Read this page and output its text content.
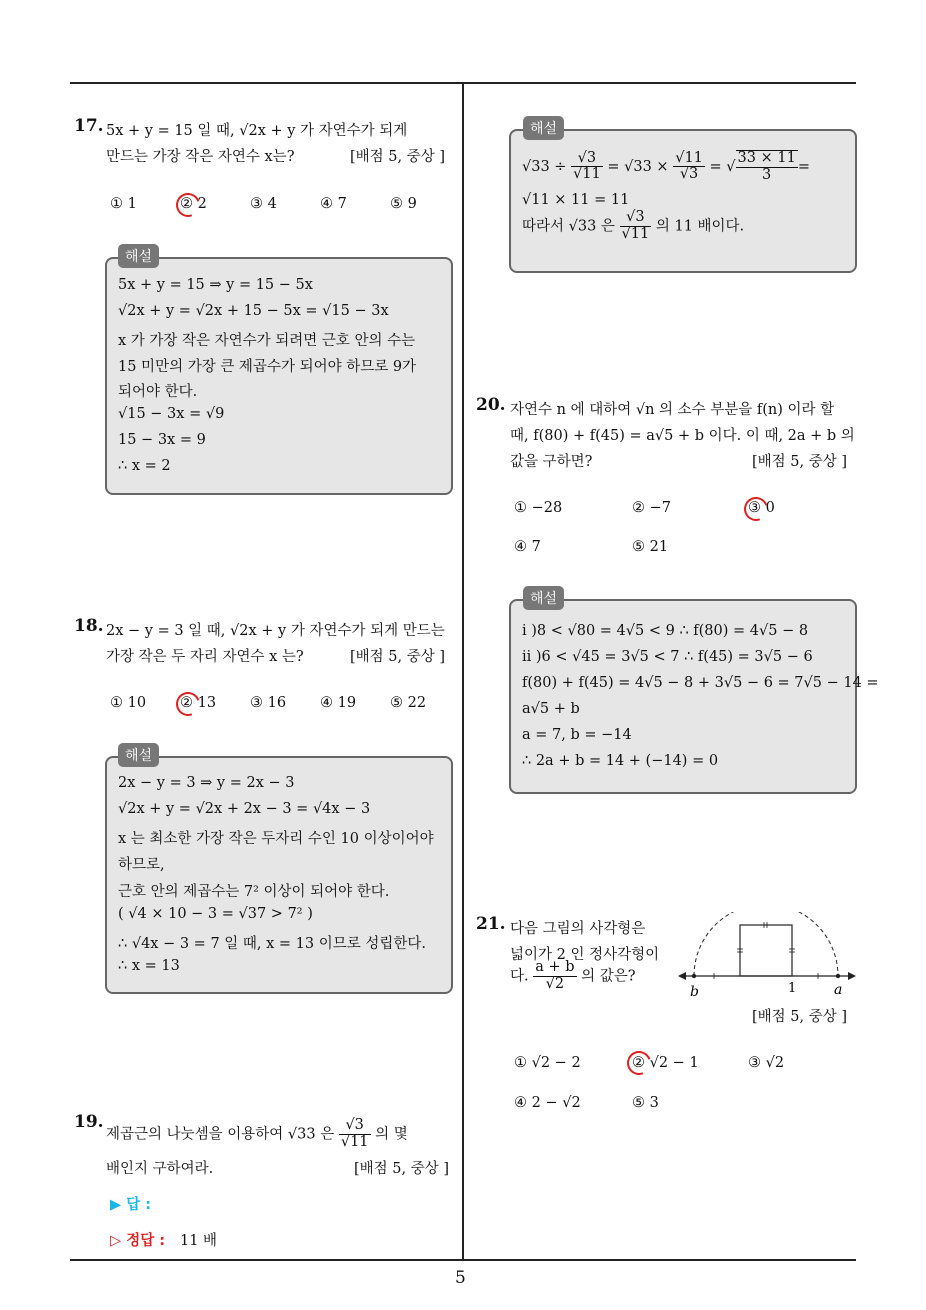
5
17. 5x + y = 15 일 때, √2x + y 가 자연수가 되게
만드는 가장 작은 자연수 x는?	[배점 5, 중상 ]
① 1	② 2	③ 4	④ 7	⑤ 9
해설
5x + y = 15 ⇒ y = 15 − 5x
√2x + y = √2x + 15 − 5x = √15 − 3x
x 가 가장 작은 자연수가 되려면 근호 안의 수는
15 미만의 가장 큰 제곱수가 되어야 하므로 9가
되어야 한다.
√15 − 3x = √9
15 − 3x = 9
∴ x = 2
18. 2x − y = 3 일 때, √2x + y 가 자연수가 되게 만드는
가장 작은 두 자리 자연수 x 는?	[배점 5, 중상 ]
① 10 ② 13 ③ 16 ④ 19 ⑤ 22
해설
2x − y = 3 ⇒ y = 2x − 3
√2x + y = √2x + 2x − 3 = √4x − 3
x 는 최소한 가장 작은 두자리 수인 10 이상이어야
하므로,
근호 안의 제곱수는 7² 이상이 되어야 한다.
( √4 × 10 − 3 = √37 > 7² )
∴ √4x − 3 = 7 일 때, x = 13 이므로 성립한다.
∴ x = 13
19.
제곱근의 나눗셈을 이용하여 √33 은 $\frac{√3}{√11}$ 의 몇
배인지 구하여라.	[배점 5, 중상 ]
▶ 답 :
▷ 정답 : 11 배
해설
$√33 \div \frac{√3}{√11} = √33 \times \frac{√11}{√3}$ = √ $\frac{33 \times 11}{3}$ =
√11 × 11 = 11
따라서 √33 은 $\frac{√3}{√11}$ 의 11 배이다.
20. 자연수 n 에 대하여 √n 의 소수 부분을 f(n) 이라 할
때, f(80) + f(45) = a√5 + b 이다. 이 때, 2a + b 의
값을 구하면?	[배점 5, 중상 ]
① −28	② −7	③ 0
④ 7	⑤ 21
해설
i )8 < √80 = 4√5 < 9 ∴ f(80) = 4√5 − 8
ii )6 < √45 = 3√5 < 7 ∴ f(45) = 3√5 − 6
f(80) + f(45) = 4√5 − 8 + 3√5 − 6 = 7√5 − 14 =
a√5 + b
a = 7, b = −14
∴ 2a + b = 14 + (−14) = 0
21. 다음 그림의 사각형은
넓이가 2 인 정사각형이
다. $\frac{a + b}{√2}$ 의 값은?
b	1	a
[배점 5, 중상 ]
① √2 − 2	② √2 − 1	③ √2
④ 2 − √2	⑤ 3
